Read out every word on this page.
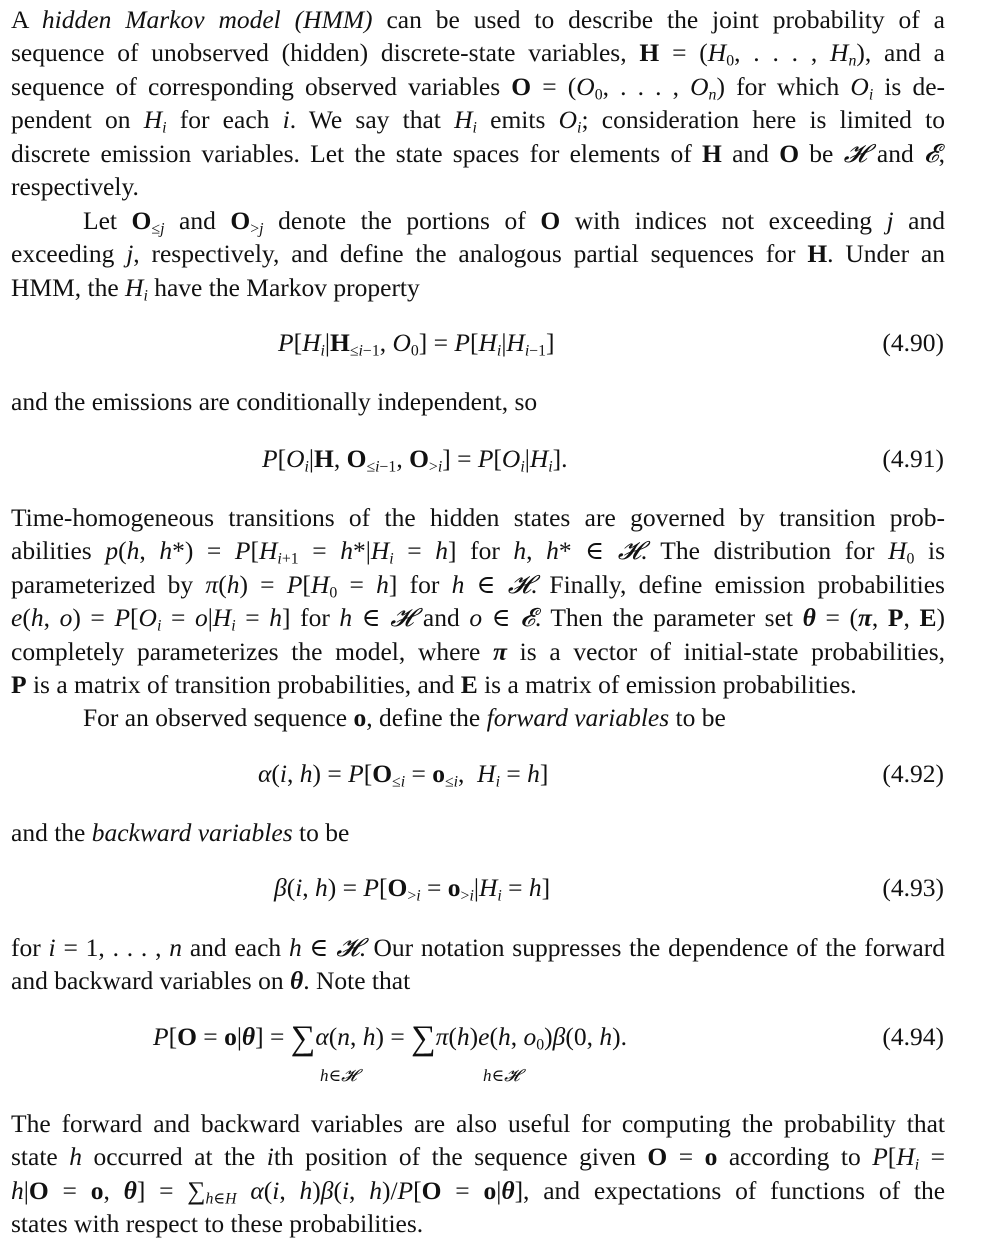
A hidden Markov model (HMM) can be used to describe the joint probability of a
sequence of unobserved (hidden) discrete-state variables, $H = (H_0$, . . . , $H_n$), and a
sequence of corresponding observed variables $O = (O_0$, . . . , $O_n$) for which $O_i$ is de-
pendent on $H_i$ for each i. We say that $H_i$ emits $O_i$; consideration here is limited to
discrete emission variables. Let the state spaces for elements of H and O be 𝓗 and 𝓔,
respectively.
Let $O_{\le j}$ and $O_{>j}$ denote the portions of O with indices not exceeding j and
exceeding j, respectively, and define the analogous partial sequences for H. Under an
HMM, the $H_i$ have the Markov property
$P[H_i|H_{\le i-1}$, $O_0] = P[H_i|H_{i-1}]$	(4.90)
and the emissions are conditionally independent, so
$P[O_i|H$, $O_{\le i-1}$, $O_{>i}] = P[O_i|H_i]$.	(4.91)
Time-homogeneous transitions of the hidden states are governed by transition prob-
abilities p(h, $h*) = P[H_{i+1} = h*|H_i = h]$ for h, h* ∈ 𝓗. The distribution for $H_0$ is
parameterized by $\pi(h) = P[H_0 = h]$ for h ∈ 𝓗. Finally, define emission probabilities
e(h, $o) = P[O_i = o|H_i = h]$ for h ∈ 𝓗 and o ∈ 𝓔. Then the parameter set θ = (π, P, E)
completely parameterizes the model, where π is a vector of initial-state probabilities,
P is a matrix of transition probabilities, and E is a matrix of emission probabilities.
For an observed sequence o, define the forward variables to be
α(i, $h) = P[O_{\le i} = o_{\le i}$,  $H_i = h$]	(4.92)
and the backward variables to be
β(i, $h) = P[O_{>i} = o_{>i}|H_i = h]$	(4.93)
for i = 1, . . . , n and each h ∈ 𝓗. Our notation suppresses the dependence of the forward
and backward variables on θ. Note that
P[O = o|θ] = ∑α(n, h) = ∑π(h)e(h, $o_0)\beta(0$, h).
h∈𝓗	h∈𝓗
(4.94)
The forward and backward variables are also useful for computing the probability that
state h occurred at the ith position of the sequence given O = o according to $P[H_i$ =
h|O = o, $\theta] = \sum_{h\in H}$ α(i, h)β(i, h)/P[O = o|θ], and expectations of functions of the
states with respect to these probabilities.
